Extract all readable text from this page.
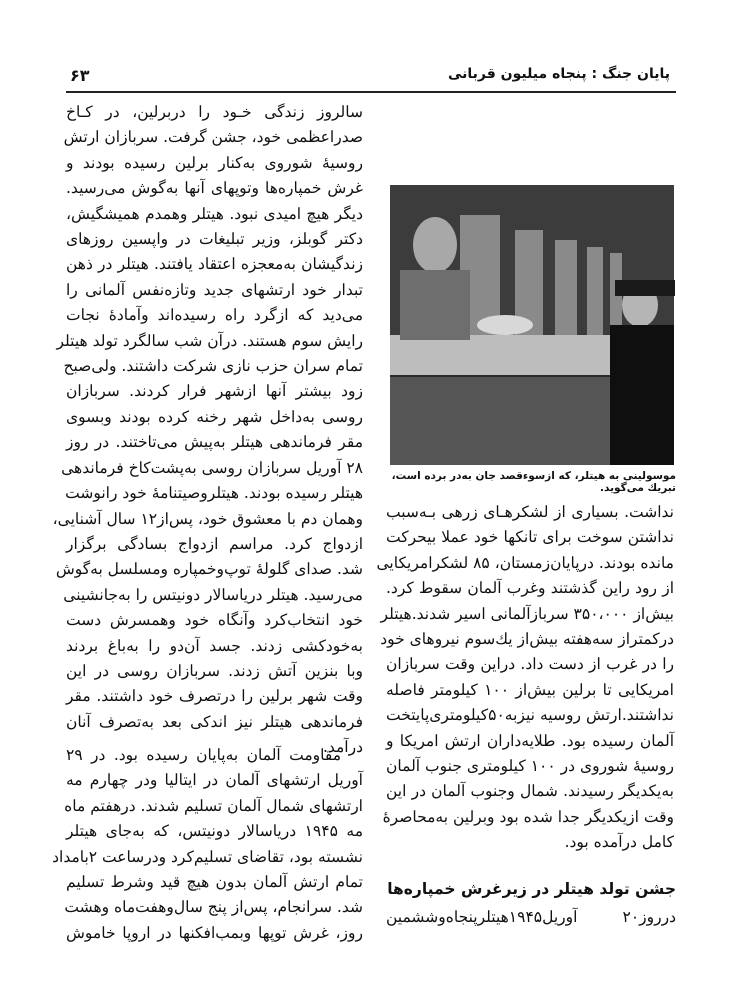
پایان جنگ : پنجاه میلیون قربانی
۶۳
سالروز زندگی خـود را دربرلین، در کـاخ
صدراعظمی خود، جشن گرفت. سربازان ارتش
روسیهٔ شوروی به‌کنار برلین رسیده بودند و
غرش خمپاره‌ها وتوپهای آنها به‌گوش می‌رسید.
دیگر هیچ امیدی نبود. هیتلر وهمدم همیشگیش،
دکتر گوبلز، وزیر تبلیغات در واپسین روزهای
زندگیشان به‌معجزه اعتقاد یافتند. هیتلر در ذهن
تبدار خود ارتشهای جدید وتازه‌نفس آلمانی را
می‌دید که ازگرد راه رسیده‌اند وآمادهٔ نجات
رایش سوم هستند. درآن شب سالگرد تولد هیتلر
تمام سران حزب نازی شرکت داشتند. ولی‌صبح
زود بیشتر آنها ازشهر فرار کردند. سربازان
روسی به‌داخل شهر رخنه کرده بودند وبسوی
مقر فرماندهی هیتلر به‌پیش می‌تاختند. در روز
۲۸ آوریل سربازان روسی به‌پشت‌کاخ فرماندهی
هیتلر رسیده بودند. هیتلروصیتنامهٔ خود رانوشت
وهمان دم با معشوق خود، پس‌از۱۲ سال آشنایی،
ازدواج کرد. مراسم ازدواج بسادگی برگزار
شد. صدای گلولهٔ توپ‌وخمپاره ومسلسل به‌گوش
می‌رسید. هیتلر دریاسالار دونیتس را به‌جانشینی
خود انتخاب‌کرد وآنگاه خود وهمسرش دست
به‌خودکشی زدند. جسد آن‌دو را به‌باغ بردند
وبا بنزین آتش زدند. سربازان روسی در این
وقت شهر برلین را درتصرف خود داشتند. مقر
فرماندهی هیتلر نیز اندکی بعد به‌تصرف آنان
درآمد.
مقاومت آلمان به‌پایان رسیده بود. در ۲۹
آوریل ارتشهای آلمان در ایتالیا ودر چهارم مه
ارتشهای شمال آلمان تسلیم شدند. درهفتم ماه
مه ۱۹۴۵ دریاسالار دونیتس، که به‌جای هیتلر
نشسته بود، تقاضای تسلیم‌کرد ودرساعت ۲بامداد
تمام ارتش آلمان بدون هیچ قید وشرط تسلیم
شد. سرانجام، پس‌از پنج سال‌وهفت‌ماه وهشت
روز، غرش توپها وبمب‌افکنها در اروپا خاموش
موسولینی به هیتلر، که ازسوءقصد جان به‌در برده است، تبریك می‌گوید.
نداشت. بسیاری از لشکرهـای زرهی بـه‌سبب
نداشتن سوخت برای تانکها خود عملا بیحرکت
مانده بودند. درپایان‌زمستان، ۸۵ لشکرامریکایی
از رود راین گذشتند وغرب آلمان سقوط کرد.
بیش‌از ۳۵۰،۰۰۰ سربازآلمانی اسیر شدند.هیتلر
درکمتراز سه‌هفته بیش‌از یك‌سوم نیروهای خود
را در غرب از دست داد. دراین وقت سربازان
امریکایی تا برلین بیش‌از ۱۰۰ کیلومتر فاصله
نداشتند.ارتش روسیه نیزبه‌۵۰کیلومتری‌پایتخت
آلمان رسیده بود. طلایه‌داران ارتش امریکا و
روسیهٔ شوروی در ۱۰۰ کیلومتری جنوب آلمان
به‌یکدیگر رسیدند. شمال وجنوب آلمان در این
وقت ازیکدیگر جدا شده بود وبرلین به‌محاصرهٔ
کامل درآمده بود.
جشن تولد هیتلر در زیرغرش خمپاره‌ها
درروز۲۰ آوریل۱۹۴۵هیتلرپنجاه‌وششمین
